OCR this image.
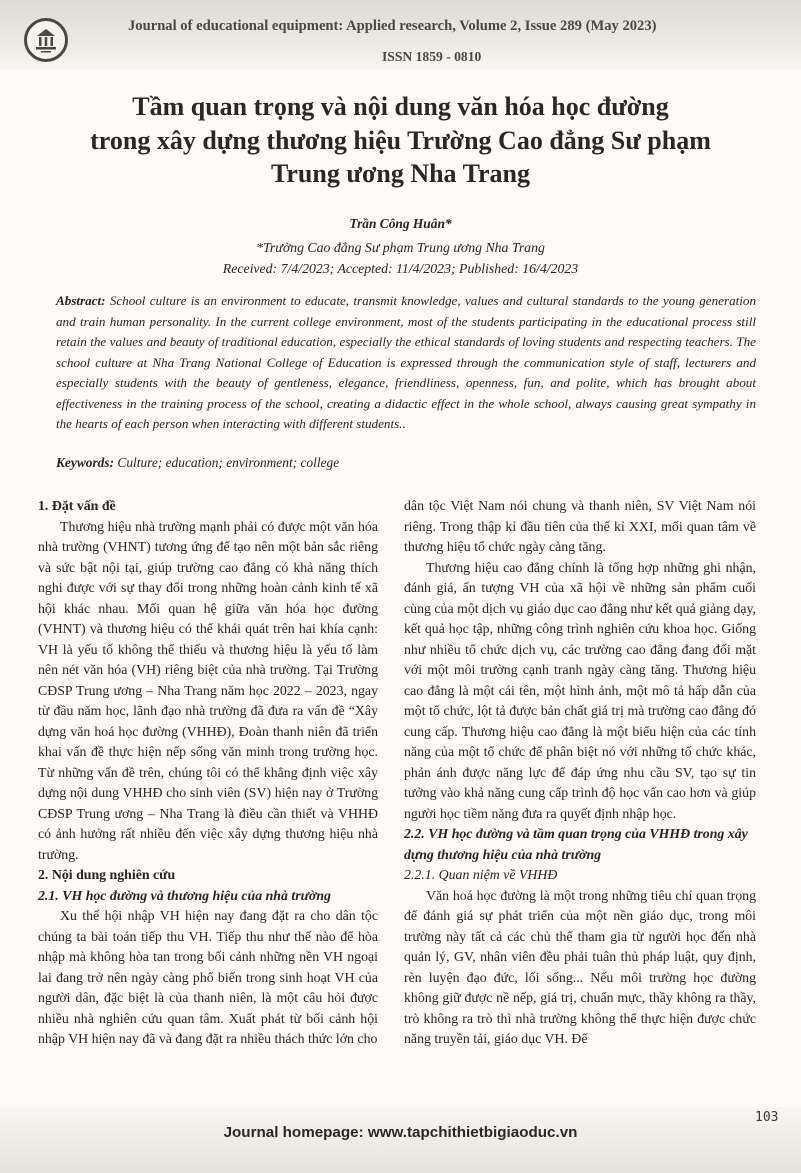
Journal of educational equipment: Applied research, Volume 2, Issue 289 (May 2023)
ISSN 1859 - 0810
Tầm quan trọng và nội dung văn hóa học đường
trong xây dựng thương hiệu Trường Cao đẳng Sư phạm
Trung ương Nha Trang
Trần Công Huân*
*Trường Cao đẳng Sư phạm Trung ương Nha Trang
Received: 7/4/2023; Accepted: 11/4/2023; Published: 16/4/2023

Abstract: School culture is an environment to educate, transmit knowledge, values and cultural standards to the young generation and train human personality. In the current college environment, most of the students participating in the educational process still retain the values and beauty of traditional education, especially the ethical standards of loving students and respecting teachers. The school culture at Nha Trang National College of Education is expressed through the communication style of staff, lecturers and especially students with the beauty of gentleness, elegance, friendliness, openness, fun, and polite, which has brought about effectiveness in the training process of the school, creating a didactic effect in the whole school, always causing great sympathy in the hearts of each person when interacting with different students..

Keywords: Culture; education; environment; college

1. Đặt vấn đề

Thương hiệu nhà trường mạnh phải có được một văn hóa nhà trường (VHNT) tương ứng để tạo nên một bản sắc riêng và sức bật nội tại, giúp trường cao đẳng có khả năng thích nghi được với sự thay đổi trong những hoàn cảnh kinh tế xã hội khác nhau. Mối quan hệ giữa văn hóa học đường (VHNT) và thương hiệu có thể khái quát trên hai khía cạnh: VH là yếu tố không thể thiếu và thương hiệu là yếu tố làm nên nét văn hóa (VH) riêng biệt của nhà trường. Tại Trường CĐSP Trung ương – Nha Trang năm học 2022 – 2023, ngay từ đầu năm học, lãnh đạo nhà trường đã đưa ra vấn đề “Xây dựng văn hoá học đường (VHHĐ), Đoàn thanh niên đã triển khai vấn đề thực hiện nếp sống văn minh trong trường học. Từ những vấn đề trên, chúng tôi có thể khẳng định việc xây dựng nội dung VHHĐ cho sinh viên (SV) hiện nay ở Trường CĐSP Trung ương – Nha Trang là điều cần thiết và VHHĐ có ảnh hưởng rất nhiều đến việc xây dựng thương hiệu nhà trường.

2. Nội dung nghiên cứu
2.1. VH học đường và thương hiệu của nhà trường

Xu thế hội nhập VH hiện nay đang đặt ra cho dân tộc chúng ta bài toán tiếp thu VH. Tiếp thu như thế nào để hòa nhập mà không hòa tan trong bối cảnh những nền VH ngoại lai đang trở nên ngày càng phổ biến trong sinh hoạt VH của người dân, đặc biệt là của thanh niên, là một câu hỏi được nhiều nhà nghiên cứu quan tâm. Xuất phát từ bối cảnh hội nhập VH hiện nay đã và đang đặt ra nhiều thách thức lớn cho

dân tộc Việt Nam nói chung và thanh niên, SV Việt Nam nói riêng. Trong thập kỉ đầu tiên của thế kỉ XXI, mối quan tâm về thương hiệu tổ chức ngày càng tăng.

Thương hiệu cao đẳng chính là tổng hợp những ghi nhận, đánh giá, ấn tượng VH của xã hội về những sản phẩm cuối cùng của một dịch vụ giáo dục cao đẳng như kết quả giảng dạy, kết quả học tập, những công trình nghiên cứu khoa học. Giống như nhiều tổ chức dịch vụ, các trường cao đẳng đang đối mặt với một môi trường cạnh tranh ngày càng tăng. Thương hiệu cao đẳng là một cái tên, một hình ảnh, một mô tả hấp dẫn của một tổ chức, lột tả được bản chất giá trị mà trường cao đẳng đó cung cấp. Thương hiệu cao đẳng là một biểu hiện của các tính năng của một tổ chức để phân biệt nó với những tổ chức khác, phản ánh được năng lực để đáp ứng nhu cầu SV, tạo sự tin tưởng vào khả năng cung cấp trình độ học vấn cao hơn và giúp người học tiềm năng đưa ra quyết định nhập học.

2.2. VH học đường và tầm quan trọng của VHHĐ trong xây dựng thương hiệu của nhà trường
2.2.1. Quan niệm về VHHĐ

Văn hoá học đường là một trong những tiêu chí quan trọng để đánh giá sự phát triển của một nền giáo dục, trong môi trường này tất cả các chủ thể tham gia từ người học đến nhà quản lý, GV, nhân viên đều phải tuân thủ pháp luật, quy định, rèn luyện đạo đức, lối sống... Nếu môi trường học đường không giữ được nề nếp, giá trị, chuẩn mực, thầy không ra thầy, trò không ra trò thì nhà trường không thể thực hiện được chức năng truyền tải, giáo dục VH. Để

103
Journal homepage: www.tapchithietbigiaoduc.vn
